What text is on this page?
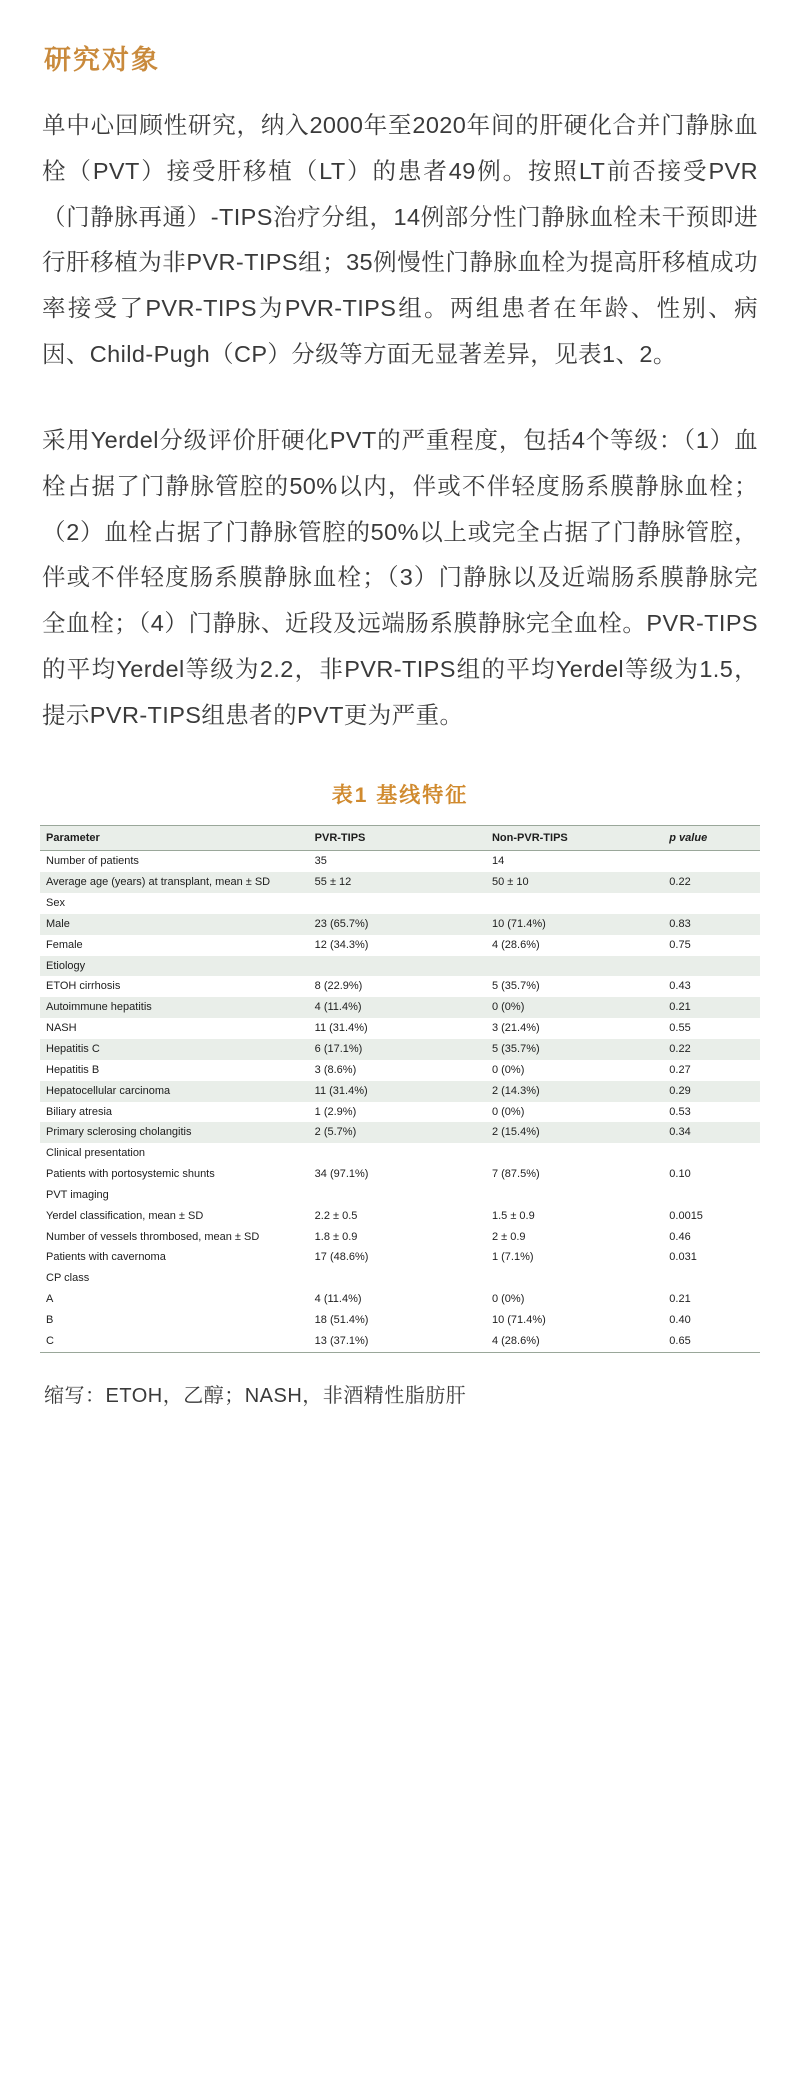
研究对象

单中心回顾性研究，纳入2000年至2020年间的肝硬化合并门静脉血栓（PVT）接受肝移植（LT）的患者49例。按照LT前否接受PVR（门静脉再通）-TIPS治疗分组，14例部分性门静脉血栓未干预即进行肝移植为非PVR-TIPS组；35例慢性门静脉血栓为提高肝移植成功率接受了PVR-TIPS为PVR-TIPS组。两组患者在年龄、性别、病因、Child-Pugh（CP）分级等方面无显著差异，见表1、2。

采用Yerdel分级评价肝硬化PVT的严重程度，包括4个等级：（1）血栓占据了门静脉管腔的50%以内，伴或不伴轻度肠系膜静脉血栓；（2）血栓占据了门静脉管腔的50%以上或完全占据了门静脉管腔，伴或不伴轻度肠系膜静脉血栓；（3）门静脉以及近端肠系膜静脉完全血栓；（4）门静脉、近段及远端肠系膜静脉完全血栓。PVR-TIPS的平均Yerdel等级为2.2，非PVR-TIPS组的平均Yerdel等级为1.5，提示PVR-TIPS组患者的PVT更为严重。

表1 基线特征
Parameter	PVR-TIPS	Non-PVR-TIPS	p value
Number of patients	35	14	
Average age (years) at transplant, mean ± SD	55 ± 12	50 ± 10	0.22
Sex			
Male	23 (65.7%)	10 (71.4%)	0.83
Female	12 (34.3%)	4 (28.6%)	0.75
Etiology			
ETOH cirrhosis	8 (22.9%)	5 (35.7%)	0.43
Autoimmune hepatitis	4 (11.4%)	0 (0%)	0.21
NASH	11 (31.4%)	3 (21.4%)	0.55
Hepatitis C	6 (17.1%)	5 (35.7%)	0.22
Hepatitis B	3 (8.6%)	0 (0%)	0.27
Hepatocellular carcinoma	11 (31.4%)	2 (14.3%)	0.29
Biliary atresia	1 (2.9%)	0 (0%)	0.53
Primary sclerosing cholangitis	2 (5.7%)	2 (15.4%)	0.34
Clinical presentation			
Patients with portosystemic shunts	34 (97.1%)	7 (87.5%)	0.10
PVT imaging			
Yerdel classification, mean ± SD	2.2 ± 0.5	1.5 ± 0.9	0.0015
Number of vessels thrombosed, mean ± SD	1.8 ± 0.9	2 ± 0.9	0.46
Patients with cavernoma	17 (48.6%)	1 (7.1%)	0.031
CP class			
A	4 (11.4%)	0 (0%)	0.21
B	18 (51.4%)	10 (71.4%)	0.40
C	13 (37.1%)	4 (28.6%)	0.65
缩写：ETOH，乙醇；NASH，非酒精性脂肪肝
